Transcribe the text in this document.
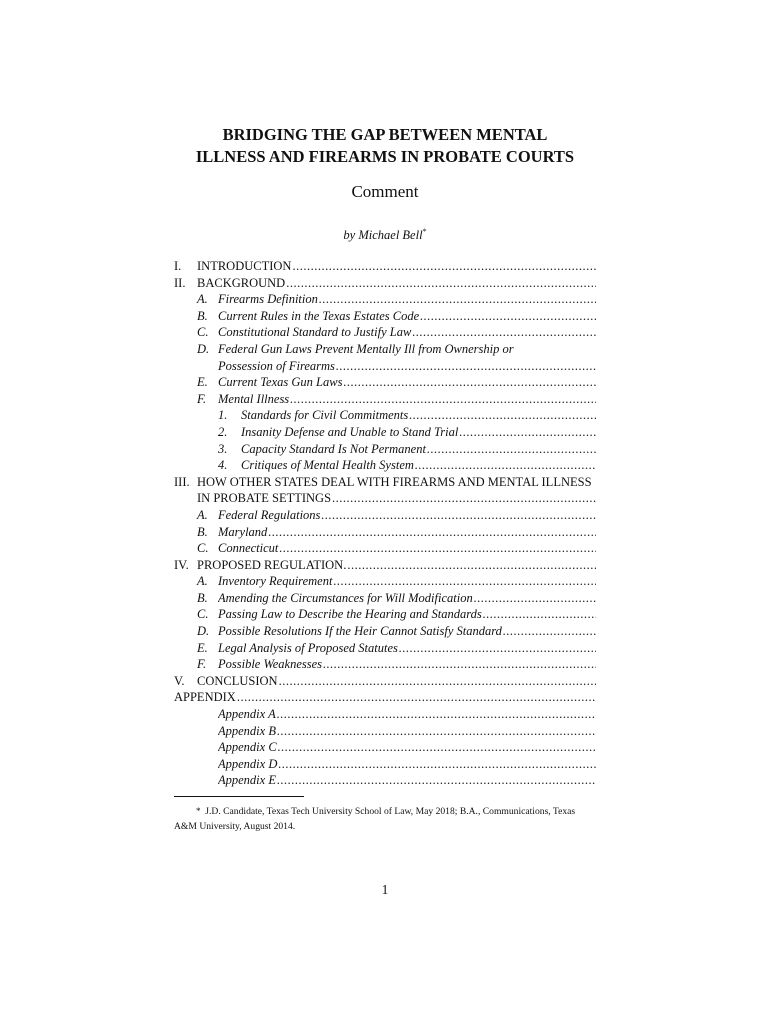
BRIDGING THE GAP BETWEEN MENTAL
ILLNESS AND FIREARMS IN PROBATE COURTS
Comment
by Michael Bell*
I. INTRODUCTION .....
II. BACKGROUND .....
A. Firearms Definition .....
B. Current Rules in the Texas Estates Code .....
C. Constitutional Standard to Justify Law .....
D. Federal Gun Laws Prevent Mentally Ill from Ownership or
Possession of Firearms .....
E. Current Texas Gun Laws .....
F. Mental Illness .....
1. Standards for Civil Commitments .....
2. Insanity Defense and Unable to Stand Trial .....
3. Capacity Standard Is Not Permanent .....
4. Critiques of Mental Health System .....
III. HOW OTHER STATES DEAL WITH FIREARMS AND MENTAL ILLNESS
IN PROBATE SETTINGS .....
A. Federal Regulations .....
B. Maryland .....
C. Connecticut .....
IV. PROPOSED REGULATION. .....
A. Inventory Requirement .....
B. Amending the Circumstances for Will Modification .....
C. Passing Law to Describe the Hearing and Standards .....
D. Possible Resolutions If the Heir Cannot Satisfy Standard .....
E. Legal Analysis of Proposed Statutes .....
F. Possible Weaknesses .....
V. CONCLUSION .....
APPENDIX .....
Appendix A .....
Appendix B .....
Appendix C .....
Appendix D .....
Appendix E .....
* J.D. Candidate, Texas Tech University School of Law, May 2018; B.A., Communications, Texas A&M University, August 2014.
1
